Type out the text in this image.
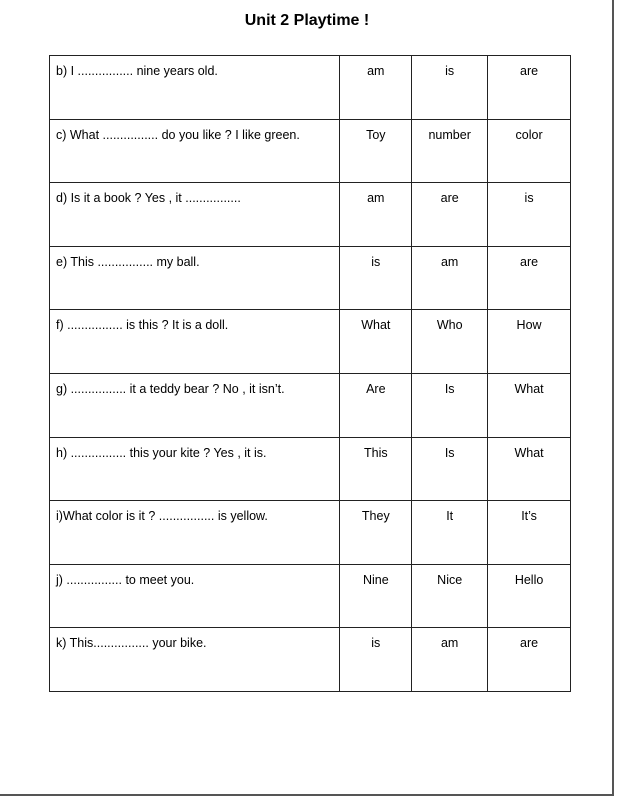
Unit 2 Playtime !
b) I ................ nine years old.	am	is	are
c) What ................ do you like ? I like green.	Toy	number	color
d) Is it a book ? Yes , it ................	am	are	is
e) This ................ my ball.	is	am	are
f) ................ is this ? It is a doll.	What	Who	How
g) ................ it a teddy bear ? No , it isn’t.	Are	Is	What
h) ................ this your kite ? Yes , it is.	This	Is	What
i)What color is it ? ................ is yellow.	They	It	It’s
j) ................ to meet you.	Nine	Nice	Hello
k) This................ your bike.	is	am	are
